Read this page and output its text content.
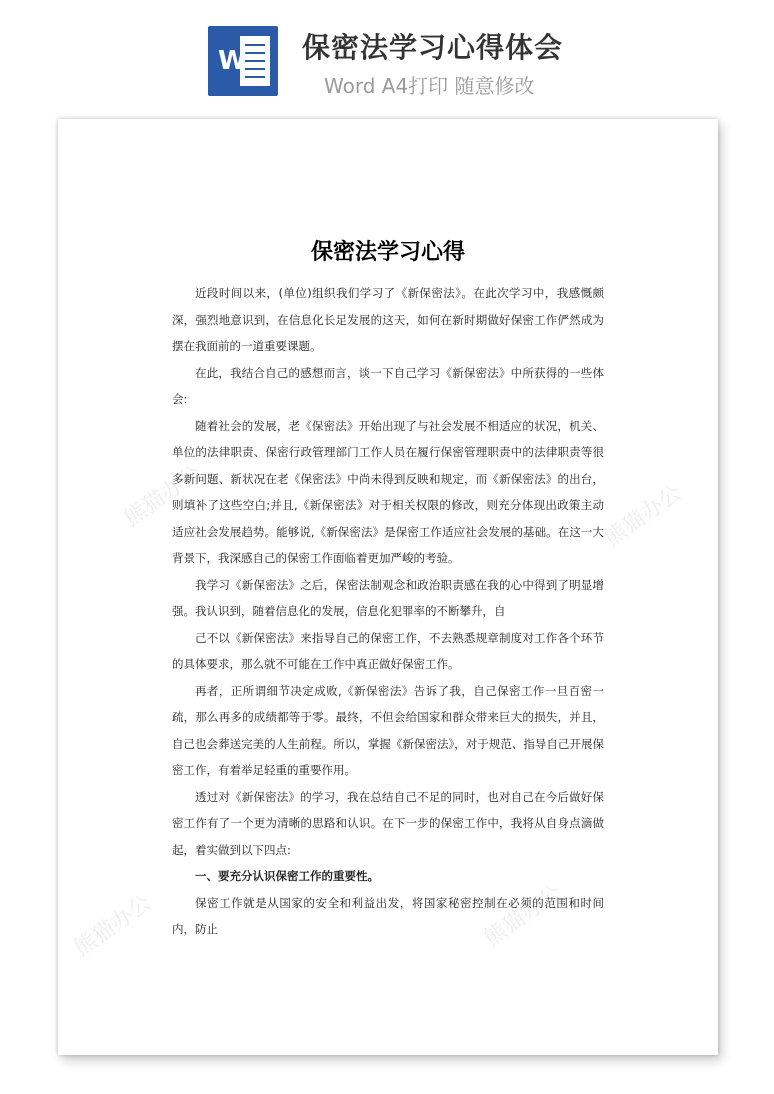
W 保密法学习心得体会
Word A4打印 随意修改
熊猫办公	熊猫办公
熊猫办公	熊猫办公
保密法学习心得

近段时间以来，(单位)组织我们学习了《新保密法》。在此次学习中，我感慨颇深，强烈地意识到，在信息化长足发展的这天，如何在新时期做好保密工作俨然成为摆在我面前的一道重要课题。

在此，我结合自己的感想而言，谈一下自己学习《新保密法》中所获得的一些体会:

随着社会的发展，老《保密法》开始出现了与社会发展不相适应的状况，机关、单位的法律职责、保密行政管理部门工作人员在履行保密管理职责中的法律职责等很多新问题、新状况在老《保密法》中尚未得到反映和规定，而《新保密法》的出台，则填补了这些空白;并且,《新保密法》对于相关权限的修改，则充分体现出政策主动适应社会发展趋势。能够说,《新保密法》是保密工作适应社会发展的基础。在这一大背景下，我深感自己的保密工作面临着更加严峻的考验。

我学习《新保密法》之后，保密法制观念和政治职责感在我的心中得到了明显增强。我认识到，随着信息化的发展，信息化犯罪率的不断攀升，自

己不以《新保密法》来指导自己的保密工作，不去熟悉规章制度对工作各个环节的具体要求，那么就不可能在工作中真正做好保密工作。

再者，正所谓细节决定成败,《新保密法》告诉了我，自己保密工作一旦百密一疏，那么再多的成绩都等于零。最终，不但会给国家和群众带来巨大的损失，并且，自己也会葬送完美的人生前程。所以，掌握《新保密法》，对于规范、指导自己开展保密工作，有着举足轻重的重要作用。

透过对《新保密法》的学习，我在总结自己不足的同时，也对自己在今后做好保密工作有了一个更为清晰的思路和认识。在下一步的保密工作中，我将从自身点滴做起，着实做到以下四点:

一、要充分认识保密工作的重要性。

保密工作就是从国家的安全和利益出发，将国家秘密控制在必须的范围和时间内，防止
